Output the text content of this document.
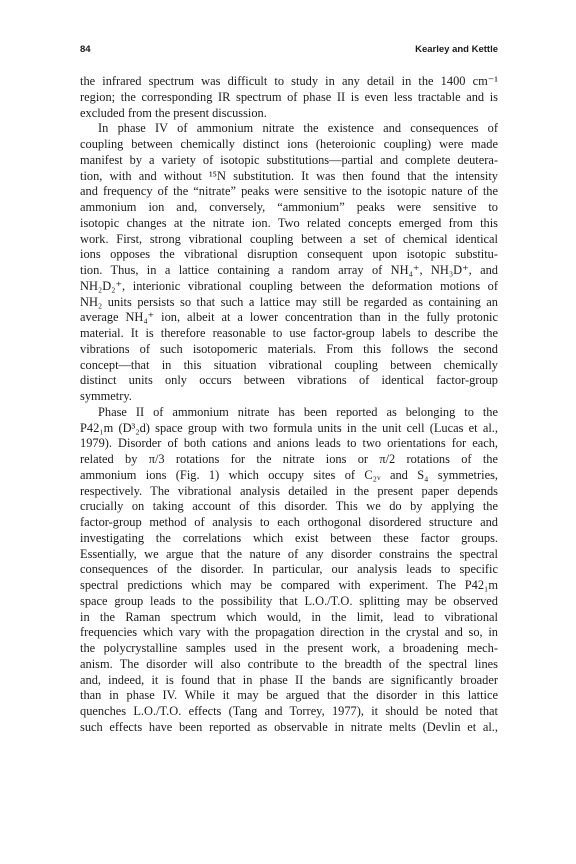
84	Kearley and Kettle
the infrared spectrum was difficult to study in any detail in the 1400 cm⁻¹
region; the corresponding IR spectrum of phase II is even less tractable and is
excluded from the present discussion.
In phase IV of ammonium nitrate the existence and consequences of
coupling between chemically distinct ions (heteroionic coupling) were made
manifest by a variety of isotopic substitutions—partial and complete deutera-
tion, with and without ¹⁵N substitution. It was then found that the intensity
and frequency of the “nitrate” peaks were sensitive to the isotopic nature of the
ammonium ion and, conversely, “ammonium” peaks were sensitive to
isotopic changes at the nitrate ion. Two related concepts emerged from this
work. First, strong vibrational coupling between a set of chemical identical
ions opposes the vibrational disruption consequent upon isotopic substitu-
tion. Thus, in a lattice containing a random array of NH₄⁺, NH₃D⁺, and
NH₂D₂⁺, interionic vibrational coupling between the deformation motions of
NH₂ units persists so that such a lattice may still be regarded as containing an
average NH₄⁺ ion, albeit at a lower concentration than in the fully protonic
material. It is therefore reasonable to use factor-group labels to describe the
vibrations of such isotopomeric materials. From this follows the second
concept—that in this situation vibrational coupling between chemically
distinct units only occurs between vibrations of identical factor-group
symmetry.
Phase II of ammonium nitrate has been reported as belonging to the
P42₁m (D³₂d) space group with two formula units in the unit cell (Lucas et al.,
1979). Disorder of both cations and anions leads to two orientations for each,
related by π/3 rotations for the nitrate ions or π/2 rotations of the
ammonium ions (Fig. 1) which occupy sites of C₂ᵥ and S₄ symmetries,
respectively. The vibrational analysis detailed in the present paper depends
crucially on taking account of this disorder. This we do by applying the
factor-group method of analysis to each orthogonal disordered structure and
investigating the correlations which exist between these factor groups.
Essentially, we argue that the nature of any disorder constrains the spectral
consequences of the disorder. In particular, our analysis leads to specific
spectral predictions which may be compared with experiment. The P42₁m
space group leads to the possibility that L.O./T.O. splitting may be observed
in the Raman spectrum which would, in the limit, lead to vibrational
frequencies which vary with the propagation direction in the crystal and so, in
the polycrystalline samples used in the present work, a broadening mech-
anism. The disorder will also contribute to the breadth of the spectral lines
and, indeed, it is found that in phase II the bands are significantly broader
than in phase IV. While it may be argued that the disorder in this lattice
quenches L.O./T.O. effects (Tang and Torrey, 1977), it should be noted that
such effects have been reported as observable in nitrate melts (Devlin et al.,
